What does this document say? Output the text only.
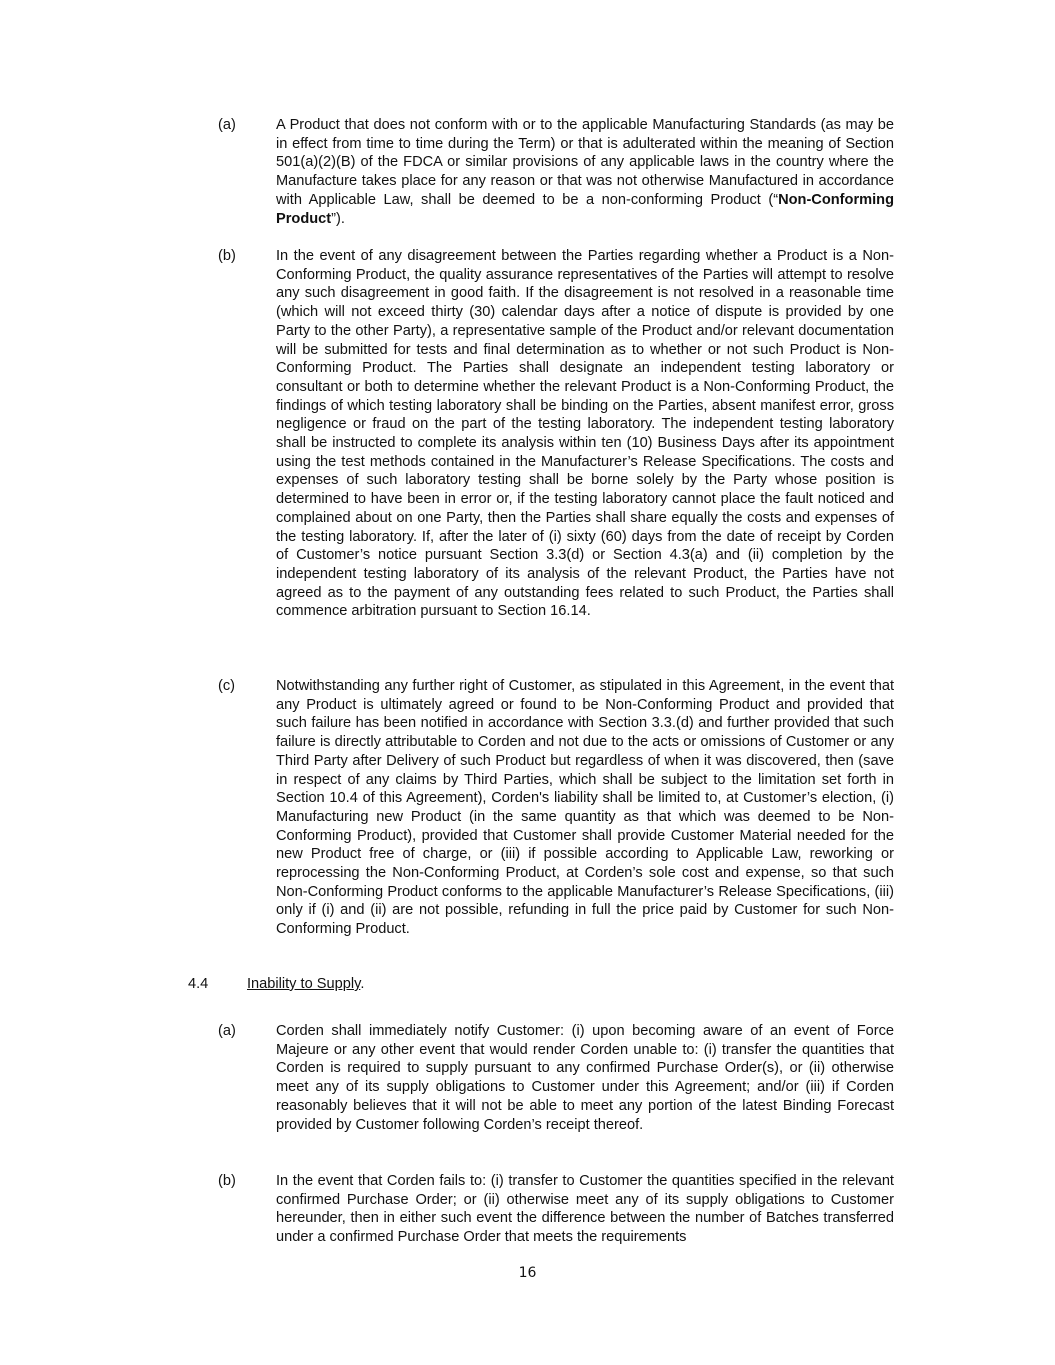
(a)	A Product that does not conform with or to the applicable Manufacturing Standards (as may be in effect from time to time during the Term) or that is adulterated within the meaning of Section 501(a)(2)(B) of the FDCA or similar provisions of any applicable laws in the country where the Manufacture takes place for any reason or that was not otherwise Manufactured in accordance with Applicable Law, shall be deemed to be a non-conforming Product (“Non-Conforming Product”).
(b)	In the event of any disagreement between the Parties regarding whether a Product is a Non-Conforming Product, the quality assurance representatives of the Parties will attempt to resolve any such disagreement in good faith. If the disagreement is not resolved in a reasonable time (which will not exceed thirty (30) calendar days after a notice of dispute is provided by one Party to the other Party), a representative sample of the Product and/or relevant documentation will be submitted for tests and final determination as to whether or not such Product is Non-Conforming Product. The Parties shall designate an independent testing laboratory or consultant or both to determine whether the relevant Product is a Non-Conforming Product, the findings of which testing laboratory shall be binding on the Parties, absent manifest error, gross negligence or fraud on the part of the testing laboratory. The independent testing laboratory shall be instructed to complete its analysis within ten (10) Business Days after its appointment using the test methods contained in the Manufacturer’s Release Specifications. The costs and expenses of such laboratory testing shall be borne solely by the Party whose position is determined to have been in error or, if the testing laboratory cannot place the fault noticed and complained about on one Party, then the Parties shall share equally the costs and expenses of the testing laboratory. If, after the later of (i) sixty (60) days from the date of receipt by Corden of Customer’s notice pursuant Section 3.3(d) or Section 4.3(a) and (ii) completion by the independent testing laboratory of its analysis of the relevant Product, the Parties have not agreed as to the payment of any outstanding fees related to such Product, the Parties shall commence arbitration pursuant to Section 16.14.
(c)	Notwithstanding any further right of Customer, as stipulated in this Agreement, in the event that any Product is ultimately agreed or found to be Non-Conforming Product and provided that such failure has been notified in accordance with Section 3.3.(d) and further provided that such failure is directly attributable to Corden and not due to the acts or omissions of Customer or any Third Party after Delivery of such Product but regardless of when it was discovered, then (save in respect of any claims by Third Parties, which shall be subject to the limitation set forth in Section 10.4 of this Agreement), Corden's liability shall be limited to, at Customer’s election, (i) Manufacturing new Product (in the same quantity as that which was deemed to be Non-Conforming Product), provided that Customer shall provide Customer Material needed for the new Product free of charge, or (iii) if possible according to Applicable Law, reworking or reprocessing the Non-Conforming Product, at Corden’s sole cost and expense, so that such Non-Conforming Product conforms to the applicable Manufacturer’s Release Specifications, (iii) only if (i) and (ii) are not possible, refunding in full the price paid by Customer for such Non-Conforming Product.
4.4	Inability to Supply.
(a)	Corden shall immediately notify Customer: (i) upon becoming aware of an event of Force Majeure or any other event that would render Corden unable to: (i) transfer the quantities that Corden is required to supply pursuant to any confirmed Purchase Order(s), or (ii) otherwise meet any of its supply obligations to Customer under this Agreement; and/or (iii) if Corden reasonably believes that it will not be able to meet any portion of the latest Binding Forecast provided by Customer following Corden’s receipt thereof.
(b)	In the event that Corden fails to: (i) transfer to Customer the quantities specified in the relevant confirmed Purchase Order; or (ii) otherwise meet any of its supply obligations to Customer hereunder, then in either such event the difference between the number of Batches transferred under a confirmed Purchase Order that meets the requirements
16
